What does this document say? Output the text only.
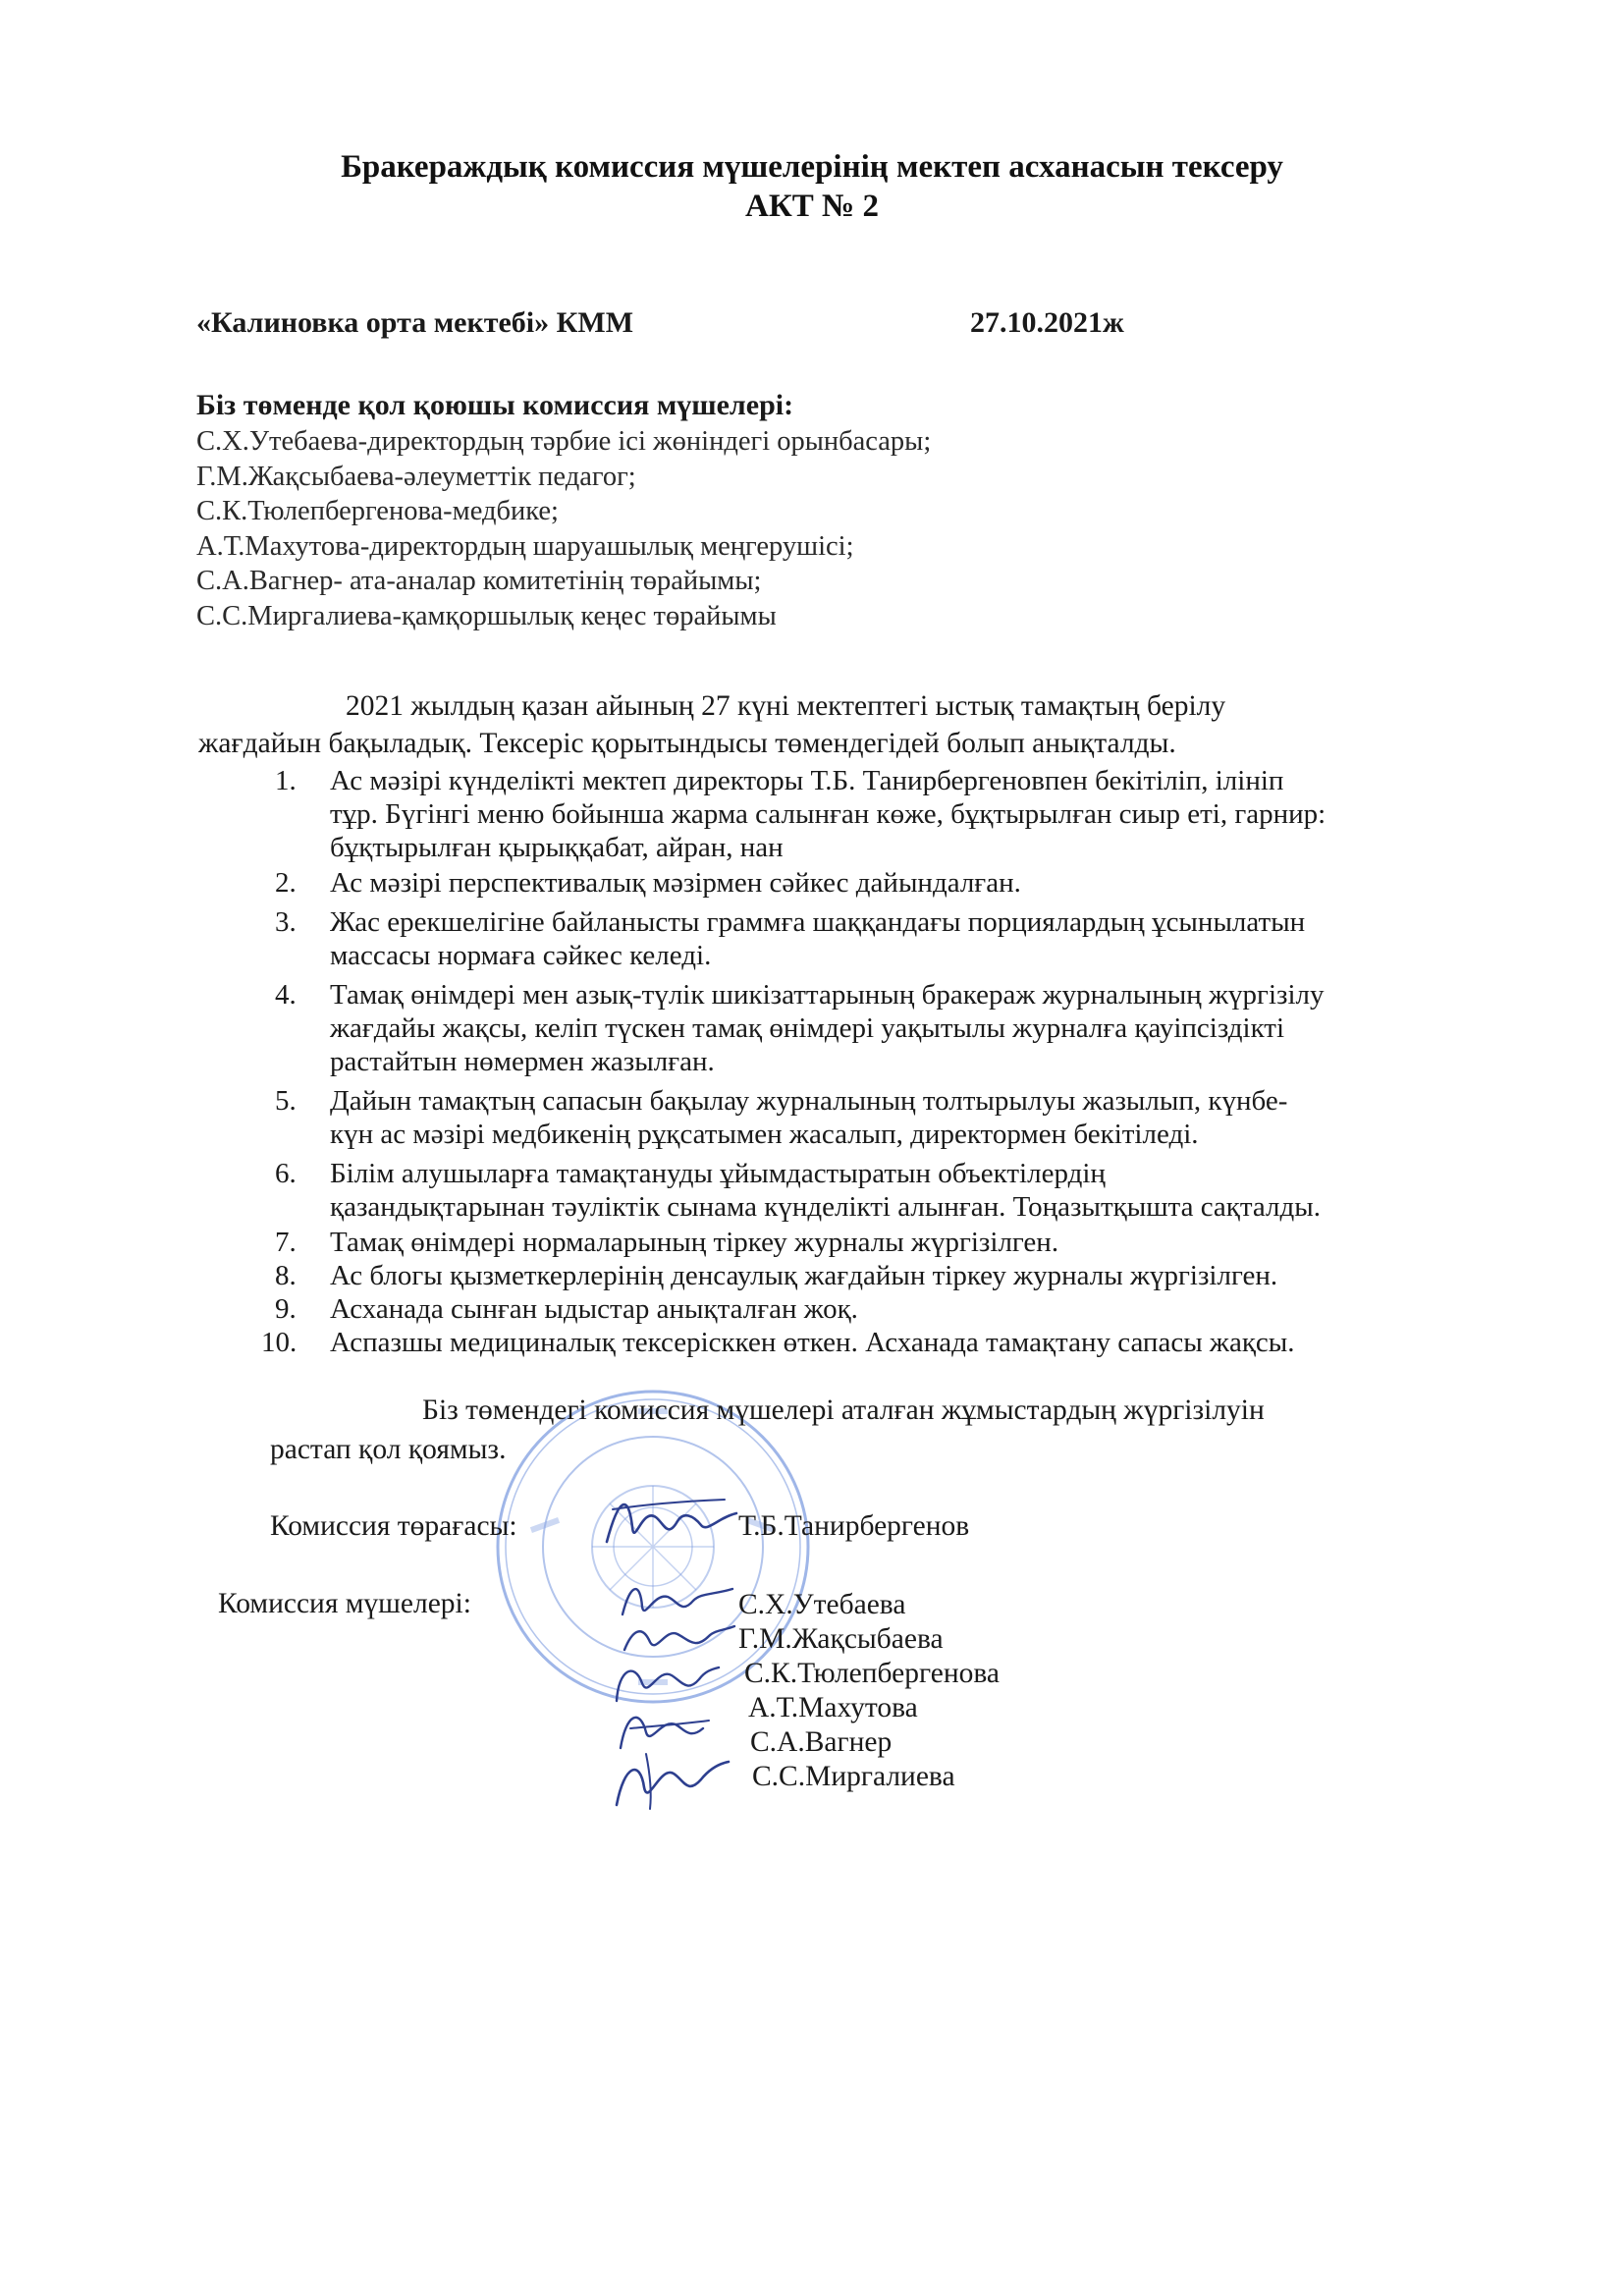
Бракераждық комиссия мүшелерінің мектеп асханасын тексеру
АКТ № 2
«Калиновка орта мектебі» КММ	27.10.2021ж
Біз төменде қол қоюшы комиссия мүшелері:
С.Х.Утебаева-директордың тәрбие ісі жөніндегі орынбасары;
Г.М.Жақсыбаева-әлеуметтік педагог;
С.К.Тюлепбергенова-медбике;
А.Т.Махутова-директордың шаруашылық меңгерушісі;
С.А.Вагнер- ата-аналар комитетінің төрайымы;
С.С.Миргалиева-қамқоршылық кеңес төрайымы
2021 жылдың қазан айының 27 күні мектептегі ыстық тамақтың берілу
жағдайын бақыладық. Тексеріс қорытындысы төмендегідей болып анықталды.
1. Ас мәзірі күнделікті мектеп директоры Т.Б. Танирбергеновпен бекітіліп, ілініп
тұр. Бүгінгі меню бойынша жарма салынған көже, бұқтырылған сиыр еті, гарнир:
бұқтырылған қырыққабат, айран, нан
2. Ас мәзірі перспективалық мәзірмен сәйкес дайындалған.
3. Жас ерекшелігіне байланысты граммға шаққандағы порциялардың ұсынылатын
массасы нормаға сәйкес келеді.
4. Тамақ өнімдері мен азық-түлік шикізаттарының бракераж журналының жүргізілу
жағдайы жақсы, келіп түскен тамақ өнімдері уақытылы журналға қауіпсіздікті
растайтын нөмермен жазылған.
5. Дайын тамақтың сапасын бақылау журналының толтырылуы жазылып, күнбе-
күн ас мәзірі медбикенің рұқсатымен жасалып, директормен бекітіледі.
6. Білім алушыларға тамақтануды ұйымдастыратын объектілердің
қазандықтарынан тәуліктік сынама күнделікті алынған. Тоңазытқышта сақталды.
7. Тамақ өнімдері нормаларының тіркеу журналы жүргізілген.
8. Ас блогы қызметкерлерінің денсаулық жағдайын тіркеу журналы жүргізілген.
9. Асханада сынған ыдыстар анықталған жоқ.
10. Аспазшы медициналық тексерісккен өткен. Асханада тамақтану сапасы жақсы.
Біз төмендегі комиссия мүшелері аталған жұмыстардың жүргізілуін
растап қол қоямыз.
Комиссия төрағасы:	Т.Б.Танирбергенов
Комиссия мүшелері:	С.Х.Утебаева
Г.М.Жақсыбаева
С.К.Тюлепбергенова
А.Т.Махутова
С.А.Вагнер
С.С.Миргалиева
